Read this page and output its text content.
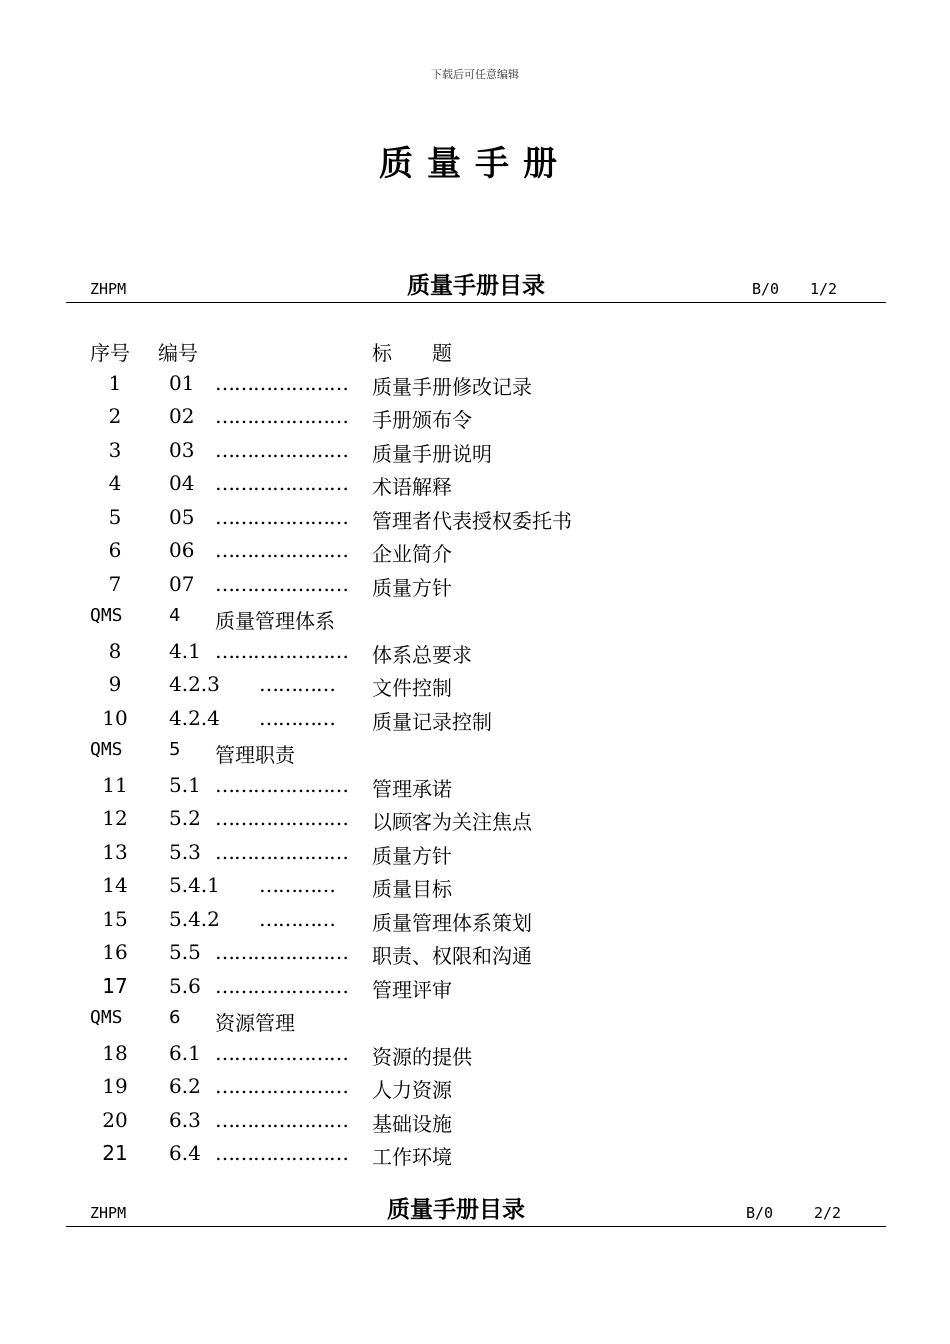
下载后可任意编辑
质量手册
ZHPM	质量手册目录	B/0 1/2
序号	编号	标　　题
1	01 ………………… 质量手册修改记录
2	02 ………………… 手册颁布令
3	03 ………………… 质量手册说明
4	04 ………………… 术语解释
5	05 ………………… 管理者代表授权委托书
6	06 ………………… 企业简介
7	07 ………………… 质量方针
QMS	4 质量管理体系
8	4.1 ………………… 体系总要求
9	4.2.3 ………… 文件控制
10	4.2.4 ………… 质量记录控制
QMS	5 管理职责
11	5.1 ………………… 管理承诺
12	5.2 ………………… 以顾客为关注焦点
13	5.3 ………………… 质量方针
14	5.4.1 ………… 质量目标
15	5.4.2 ………… 质量管理体系策划
16	5.5 ………………… 职责、权限和沟通
17	5.6 ………………… 管理评审
QMS	6 资源管理
18	6.1 ………………… 资源的提供
19	6.2 ………………… 人力资源
20	6.3 ………………… 基础设施
21	6.4 ………………… 工作环境
ZHPM	质量手册目录	B/0	2/2
